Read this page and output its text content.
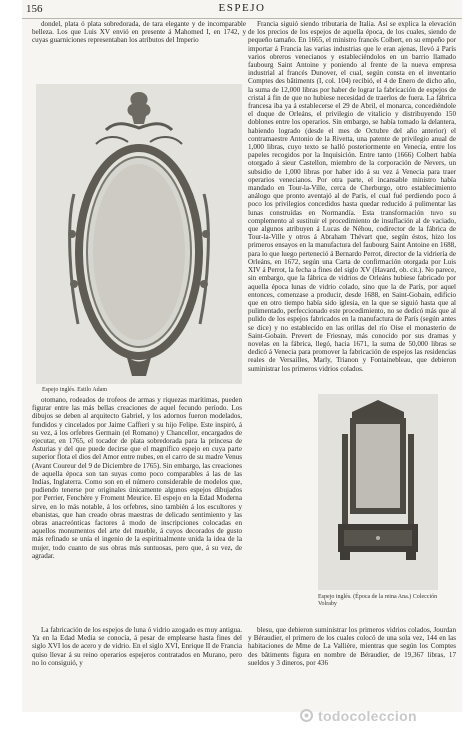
156	ESPEJO

dondel, plata ó plata sobredorada, de tara elegante y de incomparable belleza. Los que Luis XV envió en presente á Mahomed I, en 1742, y cuyas guarniciones representaban los atributos del Imperio

Espejo inglés. Estilo Adam

Francia siguió siendo tributaria de Italia. Así se explica la elevación de los precios de los espejos de aquella época, de los cuales, siendo de pequeño tamaño. En 1665, el ministro francés Colbert, en su empeño por importar á Francia las varias industrias que le eran ajenas, llevó á París varios obreros venecianos y estableciéndolos en un barrio llamado faubourg Saint Antoine y poniendo al frente de la nueva empresa industrial al francés Dunover, el cual, según consta en el inventario Comptes des bâtiments (I, col. 104) recibió, el 4 de Enero de dicho año, la suma de 12,000 libras por haber de lograr la fabricación de espejos de cristal á fin de que no hubiese necesidad de traerlos de fuera. La fábrica francesa iba ya á establecerse el 29 de Abril, el monarca, concediéndole el duque de Orleáns, el privilegio de vitalicio y distribuyendo 150 doblones entre los operarios. Sin embargo, se había tomado la delantera, habiendo logrado (desde el mes de Octubre del año anterior) el contramaestre Antonio de la Rivetta, una patente de privilegio anual de 1,000 libras, cuyo texto se halló posteriormente en Venecia, entre los papeles recogidos por la Inquisición. Entre tanto (1666) Colbert había otorgado á sieur Castellon, miembro de la corporación de Nevers, un subsidio de 1,000 libras por haber ido á su vez á Venecia para traer operarios venecianos. Por otra parte, el incansable ministro había mandado en Tour-la-Ville, cerca de Cherburgo, otro establecimiento análogo que pronto aventajó al de París, el cual fué perdiendo poco á poco los privilegios concedidos hasta quedar reducido á pulimentar las lunas construídas en Normandía. Esta transformación tuvo su complemento al sustituir el procedimiento de insuflación al de vaciado, que algunos atribuyen á Lucas de Néhou, codirector de la fábrica de Tour-la-Ville y otros á Abraham Thévart que, según éstos, hizo los primeros ensayos en la manufactura del faubourg Saint Antoine en 1688, para lo que luego perteneció á Bernardo Perrot, director de la vidriería de Orleáns, en 1672, según una Carta de confirmación otorgada por Luis XIV á Perrot, la fecha a fines del siglo XV (Havard, ob. cit.). No parece, sin embargo, que la fábrica de vidrios de Orleáns hubiese fabricado por aquella época lunas de vidrio colado, sino que la de París, por aquel entonces, comenzase a producir, desde 1688, en Saint-Gobain, edificio que en otro tiempo había sido iglesia, en la que se siguió hasta que al pulimentado, perfeccionado este procedimiento, no se dedicó más que al pulido de los espejos fabricados en la manufactura de París (según antes se dice) y no establecido en las orillas del río Oise el monasterio de Saint-Gobain. Prevert de Friesnay, más conocido por sus dramas y novelas en la fábrica, llegó, hacia 1671, la suma de 50,000 libras se dedicó á Venecia para promover la fabricación de espejos las residencias reales de Versailles, Marly, Trianon y Fontainebleau, que debieron suministrar los primeros vidrios colados.

otomano, rodeados de trofeos de armas y riquezas marítimas, pueden figurar entre las más bellas creaciones de aquel fecundo período. Los dibujos se deben al arquitecto Gabriel, y los adornos fueron modelados, fundidos y cincelados por Jaime Caffieri y su hijo Felipe. Este inspiró, á su vez, á los orfebres Germain (el Romano) y Chancellor, encargados de ejecutar, en 1765, el tocador de plata sobredorada para la princesa de Asturias y del que puede decirse que el magnífico espejo en cuya parte superior flota el dios del Amor entre nubes, en el carro de su madre Venus (Avant Coureur del 9 de Diciembre de 1765). Sin embargo, las creaciones de aquella época son tan suyas como poco comparables á las de las Indias, Inglaterra. Como son en el número considerable de modelos que, pudiendo tenerse por originales únicamente algunos espejos dibujados por Perrier, Fenchère y Froment Meurice. El espejo en la Edad Moderna sirve, en lo más notable, á los orfebres, sino también á los escultores y ebanistas, que han creado obras maestras de delicado sentimiento y las obras anacreónticas factores á modo de inscripciones colocadas en aquellos monumentos del arte del mueble, á cuyos decorados de gusto más refinado se unía el ingenio de la espiritualmente unida la idea de la mujer, todo cuanto de sus obras más suntuosas, pero que, á su vez, de agradar.

La fabricación de los espejos de luna ó vidrio azogado es muy antigua. Ya en la Edad Media se conocía, á pesar de emplearse hasta fines del siglo XVI los de acero y de vidrio. En el siglo XVI, Enrique II de Francia quiso llevar á su reino operarios espejeros contratados en Murano, pero no lo consiguió, y

Espejo inglés. (Época de la reina Ana.) Colección Volraby

blesu, que debieron suministrar los primeros vidrios colados, Jourdan y Béraudier, el primero de los cuales colocó de una sola vez, 144 en las habitaciones de Mme de La Vallière, mientras que según los Comptes des bâtiments figura en nombre de Béraudier, de 19,367 libras, 17 sueldos y 3 dineros, por 436

todocoleccion
